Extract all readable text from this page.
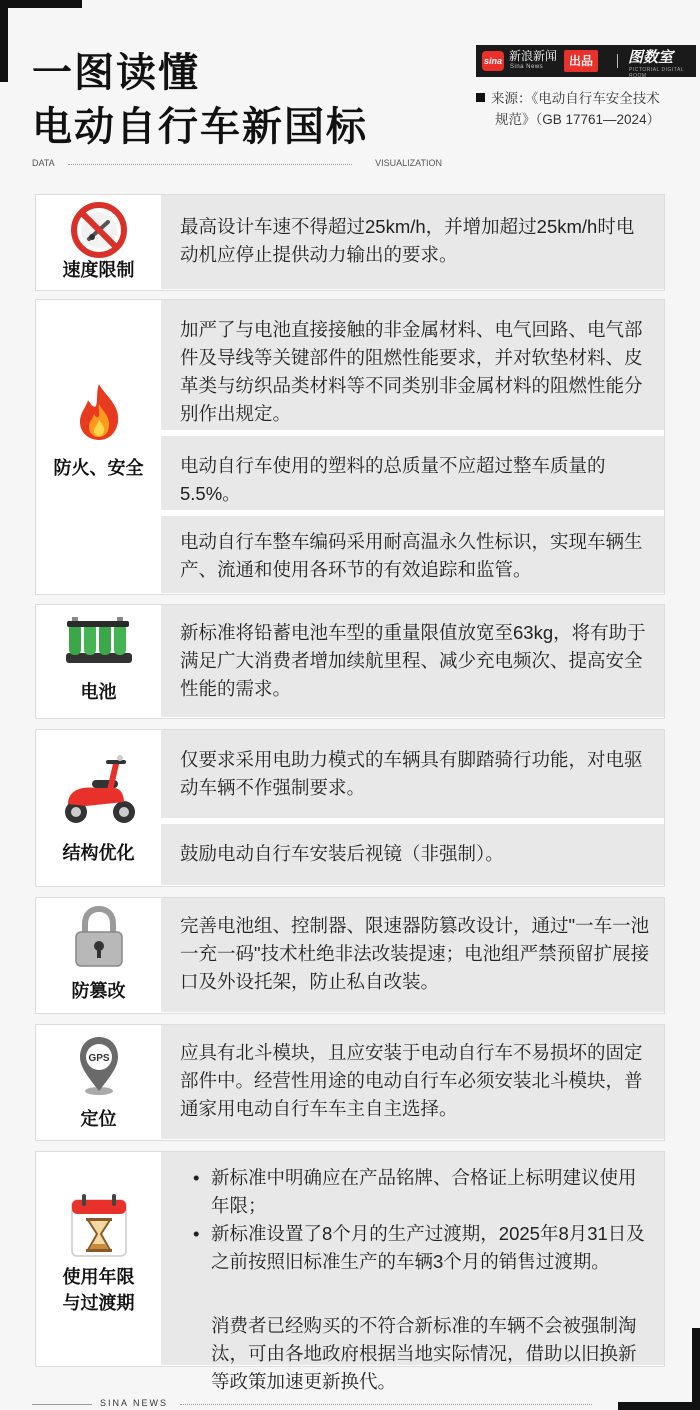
一图读懂
电动自行车新国标
sina 新浪新闻
Sina News	出品	图数室
PICTORIAL DIGITAL ROOM
来源：《电动自行车安全技术
规范》（GB 17761—2024）
DATA	VISUALIZATION
速度限制
最高设计车速不得超过25km/h，并增加超过25km/h时电动机应停止提供动力输出的要求。
防火、安全
加严了与电池直接接触的非金属材料、电气回路、电气部件及导线等关键部件的阻燃性能要求，并对软垫材料、皮革类与纺织品类材料等不同类别非金属材料的阻燃性能分别作出规定。
电动自行车使用的塑料的总质量不应超过整车质量的5.5%。
电动自行车整车编码采用耐高温永久性标识，实现车辆生产、流通和使用各环节的有效追踪和监管。
电池
新标准将铅蓄电池车型的重量限值放宽至63kg，将有助于满足广大消费者增加续航里程、减少充电频次、提高安全性能的需求。
结构优化
仅要求采用电助力模式的车辆具有脚踏骑行功能，对电驱动车辆不作强制要求。
鼓励电动自行车安装后视镜（非强制）。
防篡改
完善电池组、控制器、限速器防篡改设计，通过"一车一池一充一码"技术杜绝非法改装提速；电池组严禁预留扩展接口及外设托架，防止私自改装。
GPS
定位
应具有北斗模块，且应安装于电动自行车不易损坏的固定部件中。经营性用途的电动自行车必须安装北斗模块，普通家用电动自行车车主自主选择。
使用年限
与过渡期
• 新标准中明确应在产品铭牌、合格证上标明建议使用年限；
• 新标准设置了8个月的生产过渡期，2025年8月31日及之前按照旧标准生产的车辆3个月的销售过渡期。
消费者已经购买的不符合新标准的车辆不会被强制淘汰，可由各地政府根据当地实际情况，借助以旧换新等政策加速更新换代。
SINA NEWS
